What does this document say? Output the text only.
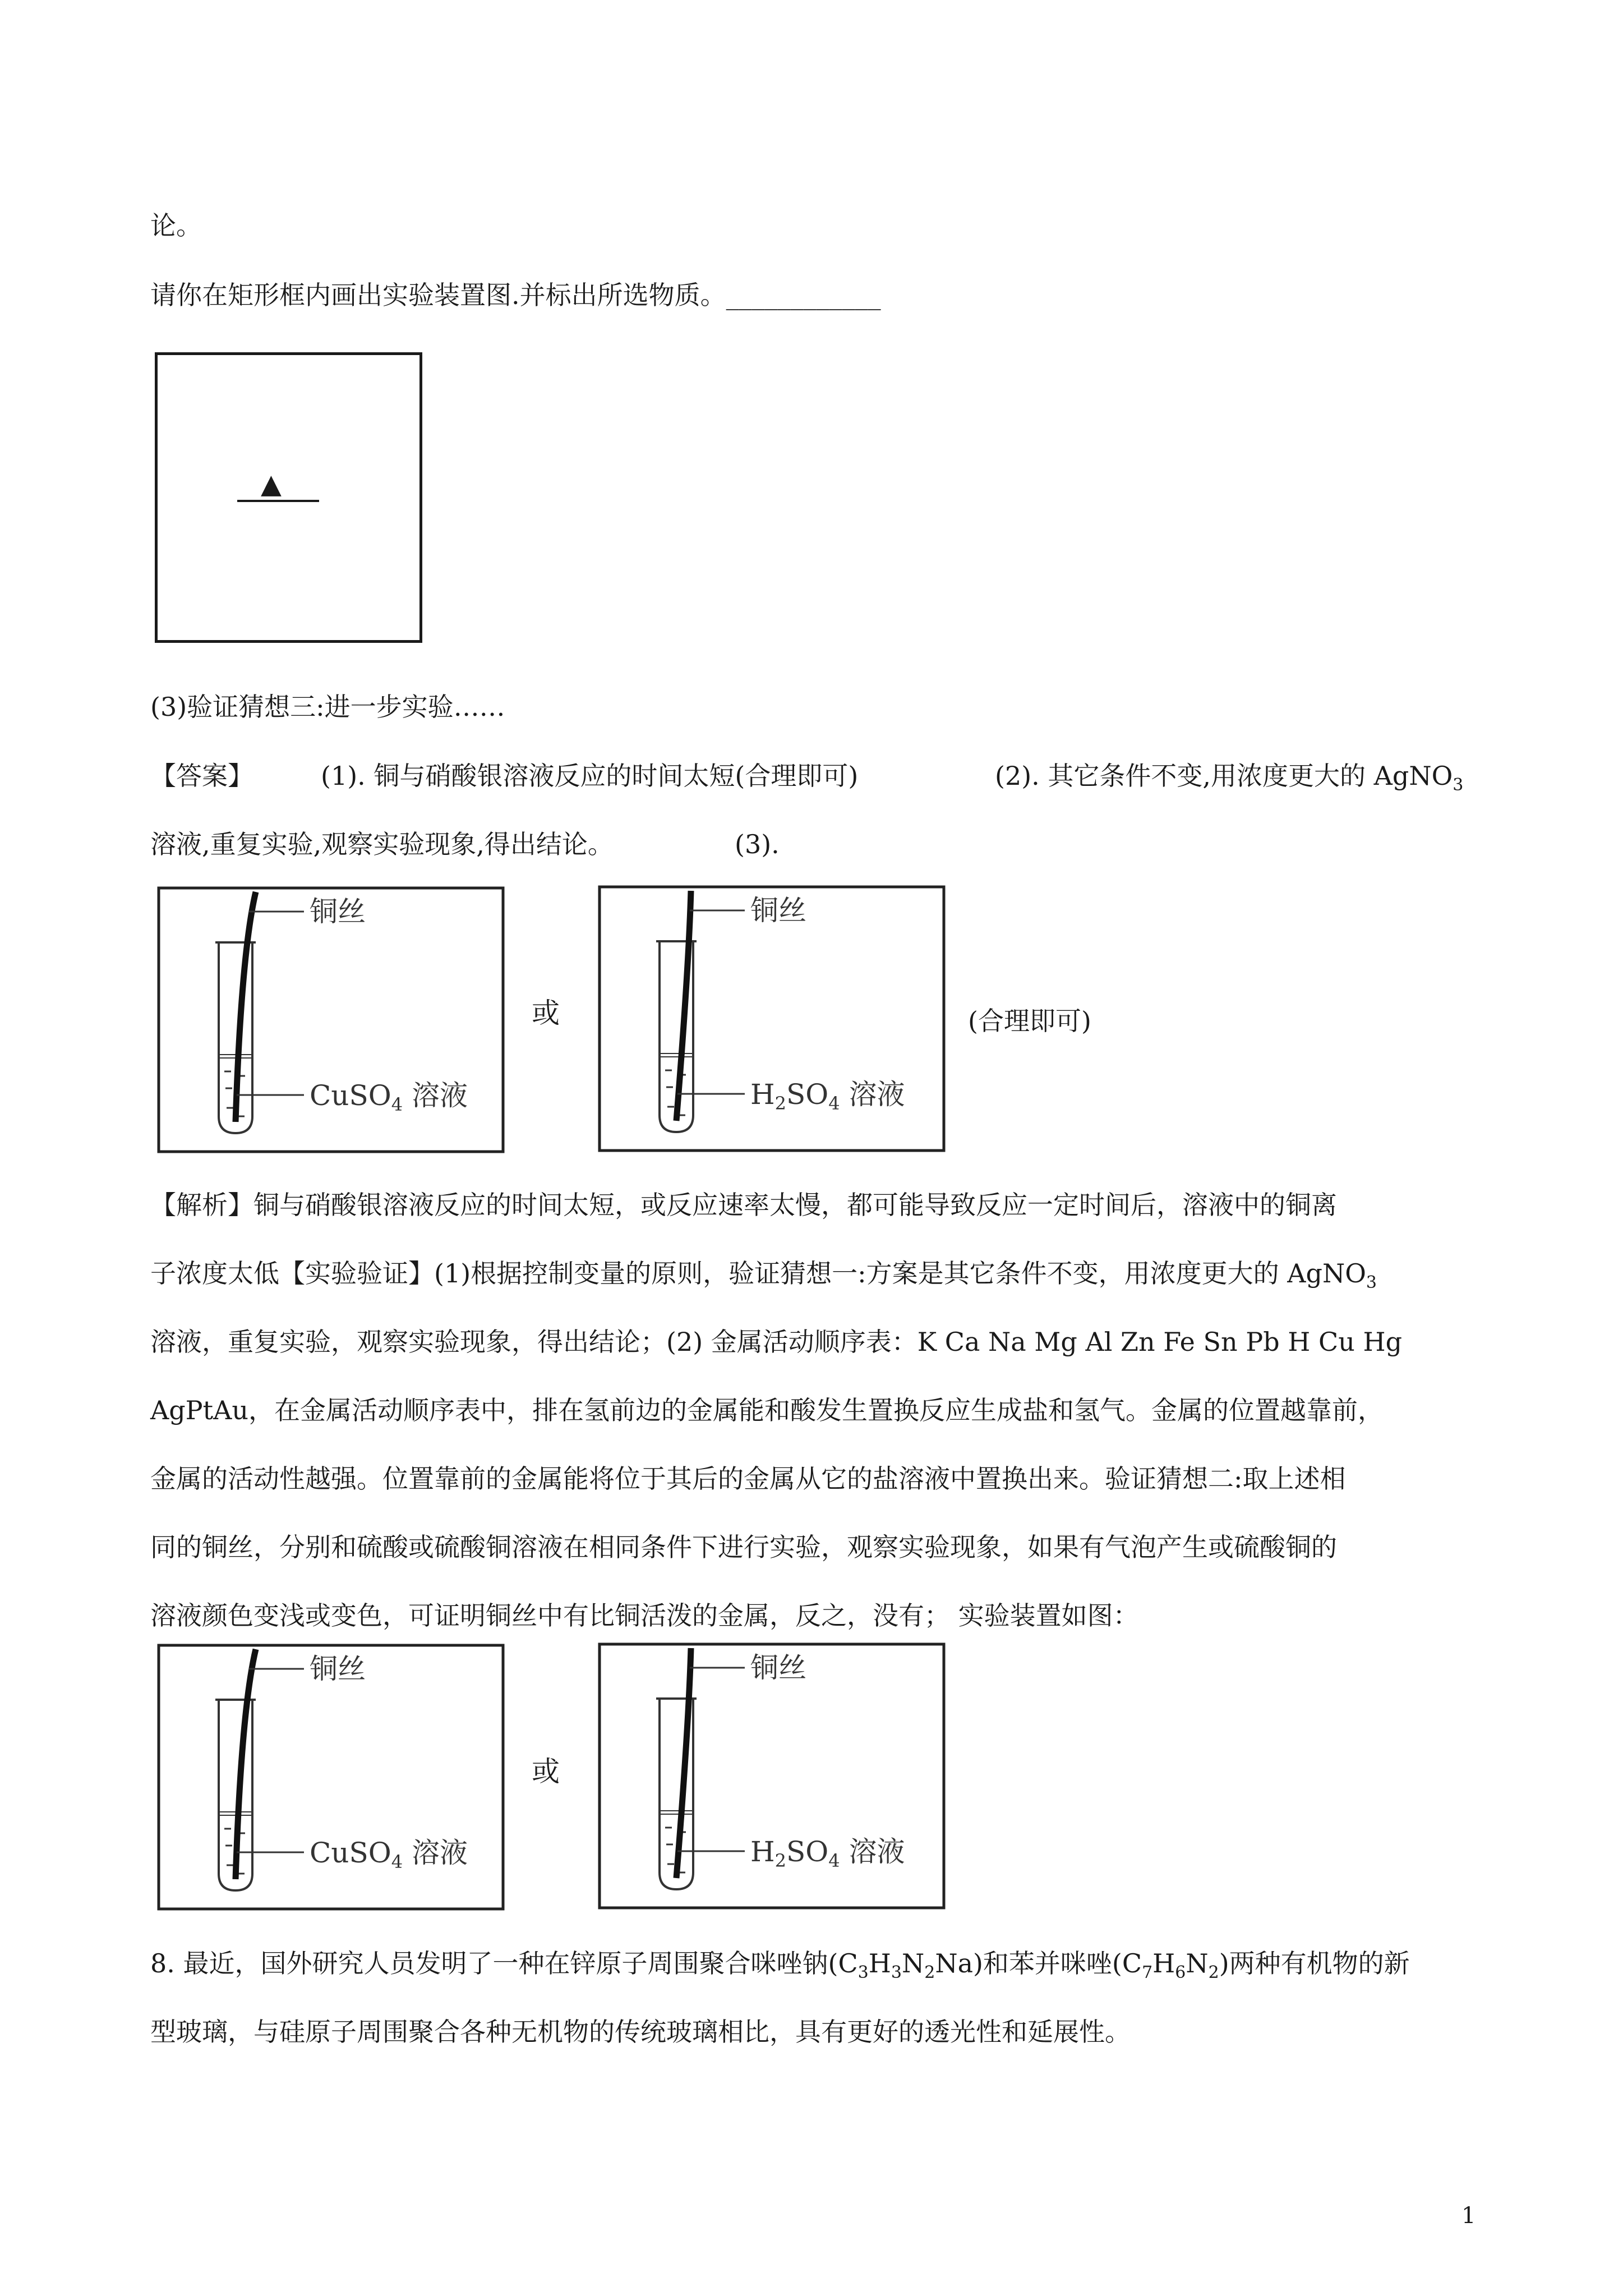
论。
请你在矩形框内画出实验装置图.并标出所选物质。____________
▲
(3)验证猜想三:进一步实验……
【答案】	(1). 铜与硝酸银溶液反应的时间太短(合理即可)	(2). 其它条件不变,用浓度更大的 AgNO$_3$
溶液,重复实验,观察实验现象,得出结论。	(3).
铜丝
CuSO$_4$ 溶液
或
铜丝
$H_2SO_4$ 溶液
(合理即可)
【解析】铜与硝酸银溶液反应的时间太短，或反应速率太慢，都可能导致反应一定时间后，溶液中的铜离
子浓度太低【实验验证】(1)根据控制变量的原则，验证猜想一:方案是其它条件不变，用浓度更大的 AgNO$_3$
溶液，重复实验，观察实验现象，得出结论；(2) 金属活动顺序表：K Ca Na Mg Al Zn Fe Sn Pb H Cu Hg
AgPtAu，在金属活动顺序表中，排在氢前边的金属能和酸发生置换反应生成盐和氢气。金属的位置越靠前，
金属的活动性越强。位置靠前的金属能将位于其后的金属从它的盐溶液中置换出来。验证猜想二:取上述相
同的铜丝，分别和硫酸或硫酸铜溶液在相同条件下进行实验，观察实验现象，如果有气泡产生或硫酸铜的
溶液颜色变浅或变色，可证明铜丝中有比铜活泼的金属，反之，没有； 实验装置如图：
铜丝
CuSO$_4$ 溶液
或
铜丝
$H_2SO_4$ 溶液
8. 最近，国外研究人员发明了一种在锌原子周围聚合咪唑钠$(C_3H_3N_2Na)$和苯并咪唑$(C_7H_6N_2)$两种有机物的新
型玻璃，与硅原子周围聚合各种无机物的传统玻璃相比，具有更好的透光性和延展性。
1
